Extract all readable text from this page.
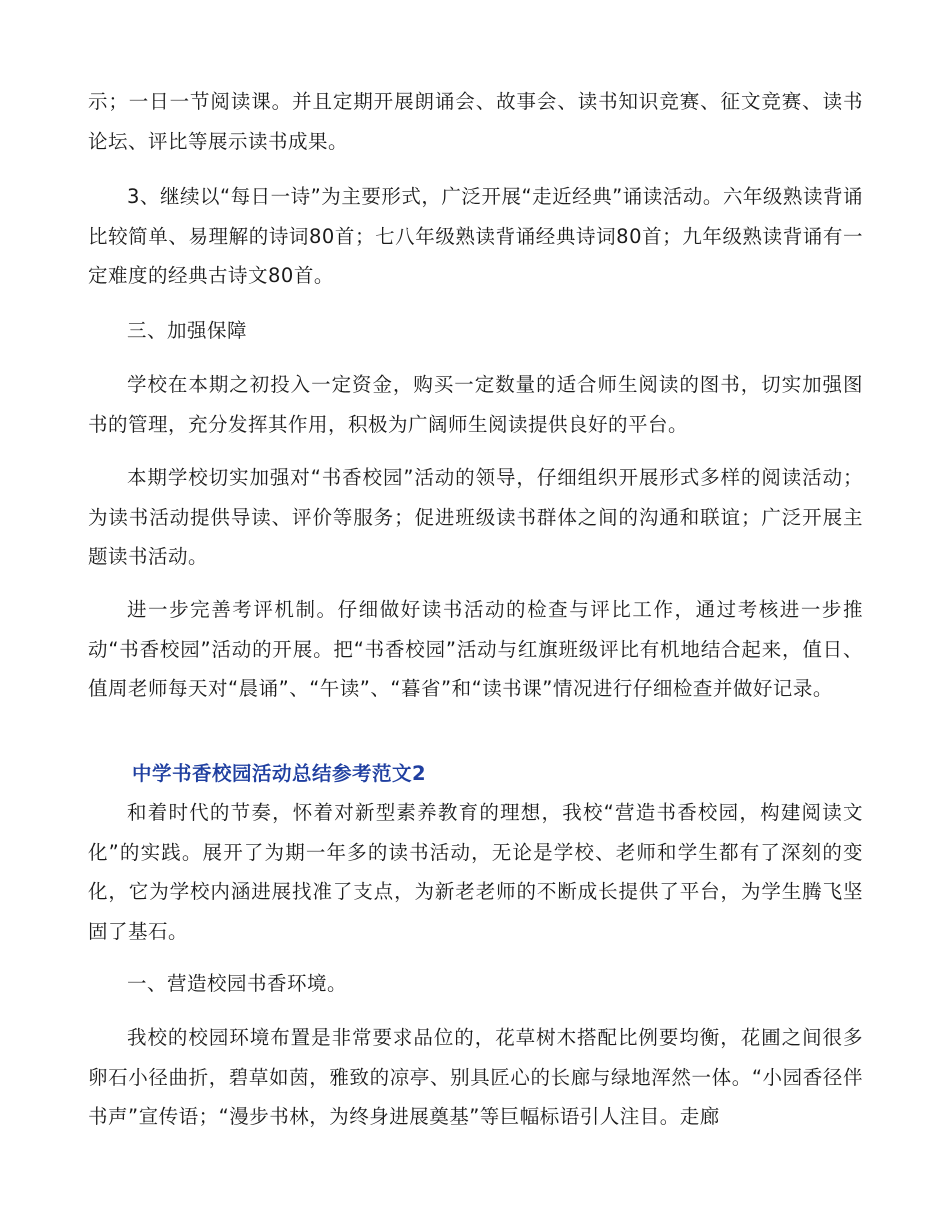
示；一日一节阅读课。并且定期开展朗诵会、故事会、读书知识竞赛、征文竞赛、读书论坛、评比等展示读书成果。

3、继续以“每日一诗”为主要形式，广泛开展“走近经典”诵读活动。六年级熟读背诵比较简单、易理解的诗词80首；七八年级熟读背诵经典诗词80首；九年级熟读背诵有一定难度的经典古诗文80首。

三、加强保障

学校在本期之初投入一定资金，购买一定数量的适合师生阅读的图书，切实加强图书的管理，充分发挥其作用，积极为广阔师生阅读提供良好的平台。

本期学校切实加强对“书香校园”活动的领导，仔细组织开展形式多样的阅读活动；为读书活动提供导读、评价等服务；促进班级读书群体之间的沟通和联谊；广泛开展主题读书活动。

进一步完善考评机制。仔细做好读书活动的检查与评比工作，通过考核进一步推动“书香校园”活动的开展。把“书香校园”活动与红旗班级评比有机地结合起来，值日、值周老师每天对“晨诵”、“午读”、“暮省”和“读书课”情况进行仔细检查并做好记录。

中学书香校园活动总结参考范文2

和着时代的节奏，怀着对新型素养教育的理想，我校“营造书香校园，构建阅读文化”的实践。展开了为期一年多的读书活动，无论是学校、老师和学生都有了深刻的变化，它为学校内涵进展找准了支点，为新老老师的不断成长提供了平台，为学生腾飞坚固了基石。

一、营造校园书香环境。

我校的校园环境布置是非常要求品位的，花草树木搭配比例要均衡，花圃之间很多卵石小径曲折，碧草如茵，雅致的凉亭、别具匠心的长廊与绿地浑然一体。“小园香径伴书声”宣传语；“漫步书林，为终身进展奠基”等巨幅标语引人注目。走廊
